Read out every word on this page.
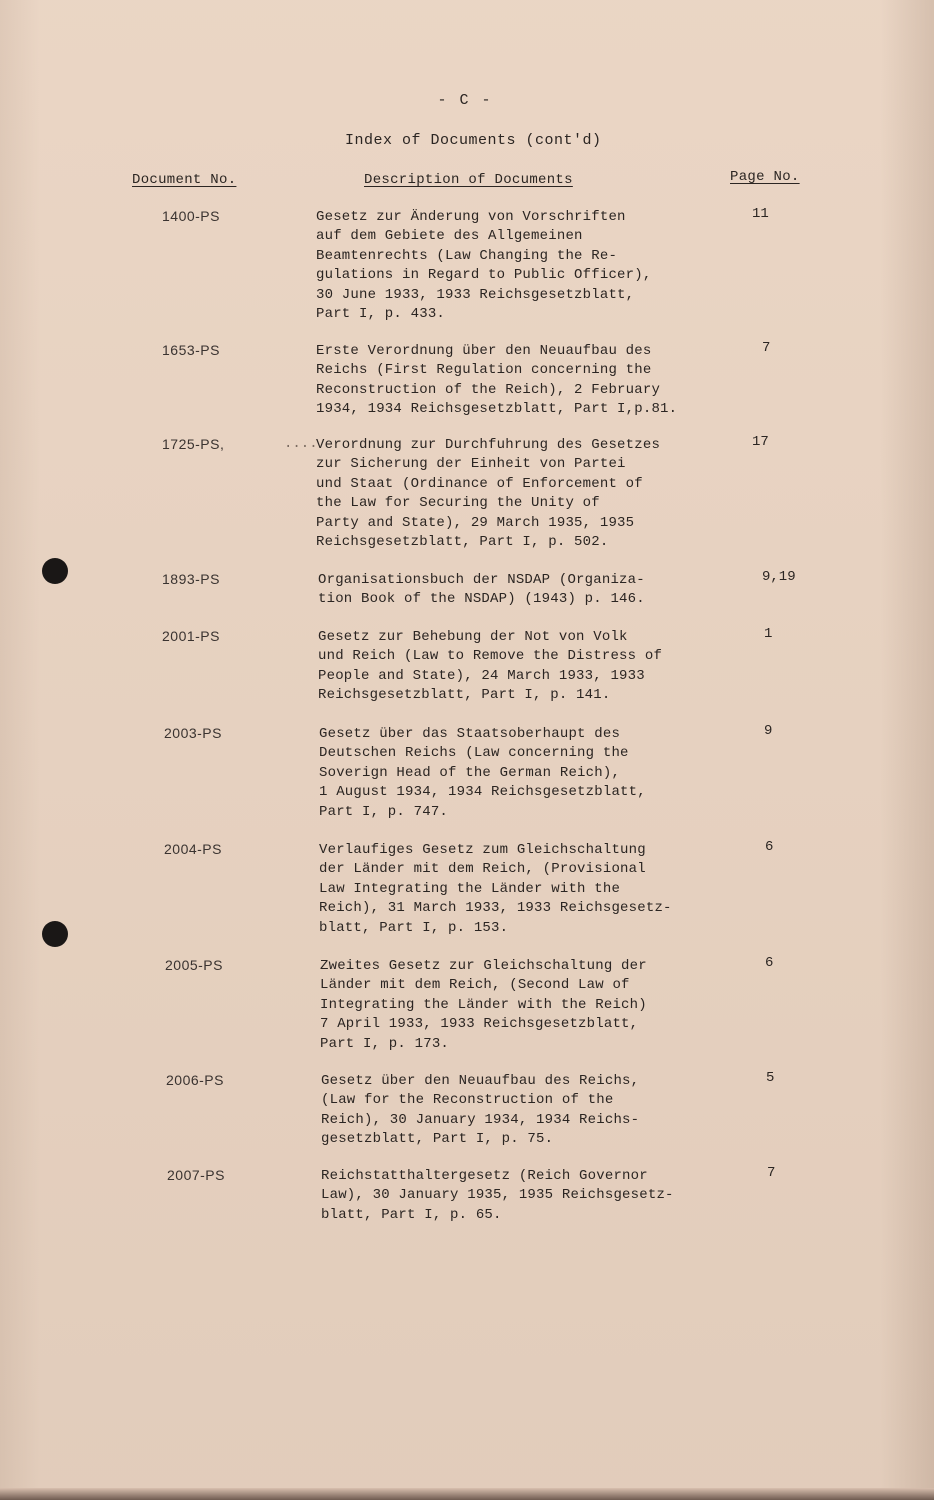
- C -
Index of Documents (cont'd)
Document No.	Description of Documents	Page No.
1400-PS	Gesetz zur Änderung von Vorschriften
auf dem Gebiete des Allgemeinen
Beamtenrechts (Law Changing the Re-
gulations in Regard to Public Officer),
30 June 1933, 1933 Reichsgesetzblatt,
Part I, p. 433.
11
1653-PS	Erste Verordnung über den Neuaufbau des
Reichs (First Regulation concerning the
Reconstruction of the Reich), 2 February
1934, 1934 Reichsgesetzblatt, Part I,p.81.
7
1725-PS,	....
Verordnung zur Durchfuhrung des Gesetzes
zur Sicherung der Einheit von Partei
und Staat (Ordinance of Enforcement of
the Law for Securing the Unity of
Party and State), 29 March 1935, 1935
Reichsgesetzblatt, Part I, p. 502.
17
1893-PS	Organisationsbuch der NSDAP (Organiza-
tion Book of the NSDAP) (1943) p. 146.
9,19
2001-PS	Gesetz zur Behebung der Not von Volk
und Reich (Law to Remove the Distress of
People and State), 24 March 1933, 1933
Reichsgesetzblatt, Part I, p. 141.
1
2003-PS	Gesetz über das Staatsoberhaupt des
Deutschen Reichs (Law concerning the
Soverign Head of the German Reich),
1 August 1934, 1934 Reichsgesetzblatt,
Part I, p. 747.
9
2004-PS	Verlaufiges Gesetz zum Gleichschaltung
der Länder mit dem Reich, (Provisional
Law Integrating the Länder with the
Reich), 31 March 1933, 1933 Reichsgesetz-
blatt, Part I, p. 153.
6
2005-PS	Zweites Gesetz zur Gleichschaltung der
Länder mit dem Reich, (Second Law of
Integrating the Länder with the Reich)
7 April 1933, 1933 Reichsgesetzblatt,
Part I, p. 173.
6
2006-PS	Gesetz über den Neuaufbau des Reichs,
(Law for the Reconstruction of the
Reich), 30 January 1934, 1934 Reichs-
gesetzblatt, Part I, p. 75.
5
2007-PS	Reichstatthaltergesetz (Reich Governor
Law), 30 January 1935, 1935 Reichsgesetz-
blatt, Part I, p. 65.
7
